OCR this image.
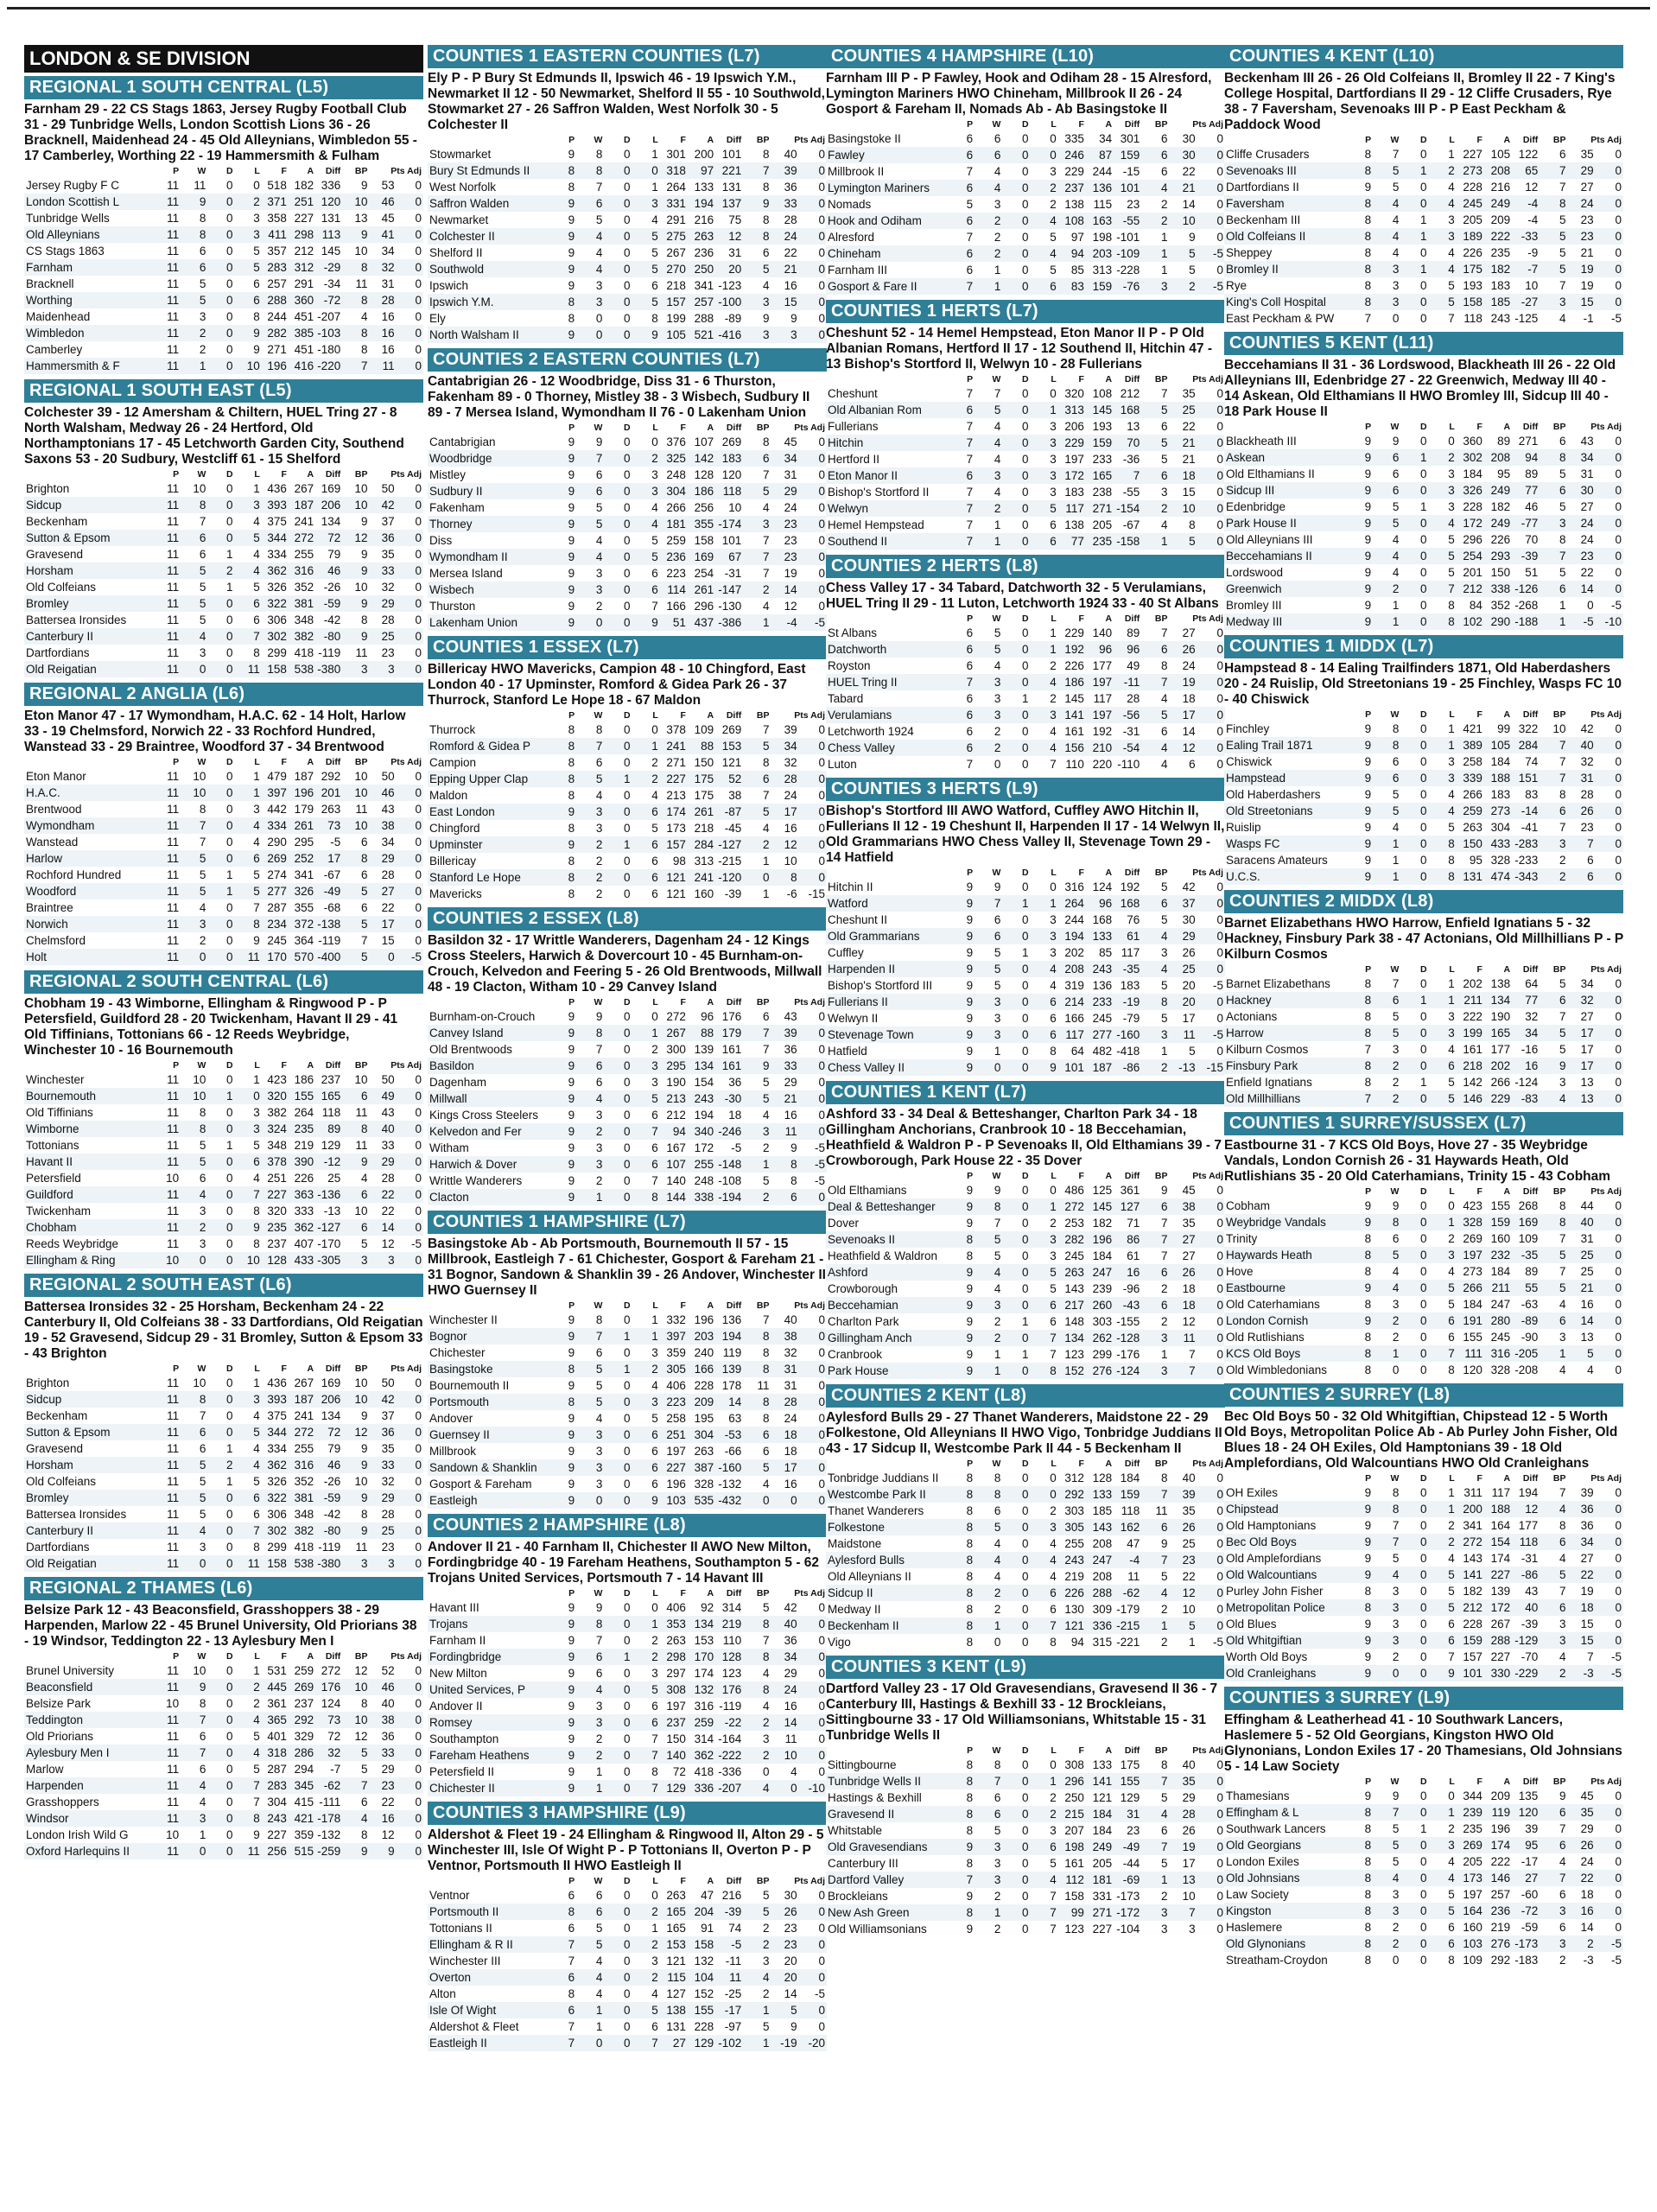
LONDON & SE DIVISION
REGIONAL 1 SOUTH CENTRAL (L5)
Farnham 29 - 22 CS Stags 1863, Jersey Rugby Football Club 31 - 29 Tunbridge Wells, London Scottish Lions 36 - 26 Bracknell, Maidenhead 24 - 45 Old Alleynians, Wimbledon 55 - 17 Camberley, Worthing 22 - 19 Hammersmith & Fulham
	P	W	D	L	F	A	Diff	BP	Pts Adj	
Jersey Rugby F C	11	11	0	0	518	182	336	9	53	0
London Scottish L	11	9	0	2	371	251	120	10	46	0
Tunbridge Wells	11	8	0	3	358	227	131	13	45	0
Old Alleynians	11	8	0	3	411	298	113	9	41	0
CS Stags 1863	11	6	0	5	357	212	145	10	34	0
Farnham	11	6	0	5	283	312	-29	8	32	0
Bracknell	11	5	0	6	257	291	-34	11	31	0
Worthing	11	5	0	6	288	360	-72	8	28	0
Maidenhead	11	3	0	8	244	451	-207	4	16	0
Wimbledon	11	2	0	9	282	385	-103	8	16	0
Camberley	11	2	0	9	271	451	-180	8	16	0
Hammersmith & F	11	1	0	10	196	416	-220	7	11	0
REGIONAL 1 SOUTH EAST (L5)
Colchester 39 - 12 Amersham & Chiltern, HUEL Tring 27 - 8 North Walsham, Medway 26 - 24 Hertford, Old Northamptonians 17 - 45 Letchworth Garden City, Southend Saxons 53 - 20 Sudbury, Westcliff 61 - 15 Shelford
	P	W	D	L	F	A	Diff	BP	Pts Adj	
Brighton	11	10	0	1	436	267	169	10	50	0
Sidcup	11	8	0	3	393	187	206	10	42	0
Beckenham	11	7	0	4	375	241	134	9	37	0
Sutton & Epsom	11	6	0	5	344	272	72	12	36	0
Gravesend	11	6	1	4	334	255	79	9	35	0
Horsham	11	5	2	4	362	316	46	9	33	0
Old Colfeians	11	5	1	5	326	352	-26	10	32	0
Bromley	11	5	0	6	322	381	-59	9	29	0
Battersea Ironsides	11	5	0	6	306	348	-42	8	28	0
Canterbury II	11	4	0	7	302	382	-80	9	25	0
Dartfordians	11	3	0	8	299	418	-119	11	23	0
Old Reigatian	11	0	0	11	158	538	-380	3	3	0
REGIONAL 2 ANGLIA (L6)
Eton Manor 47 - 17 Wymondham, H.A.C. 62 - 14 Holt, Harlow 33 - 19 Chelmsford, Norwich 22 - 33 Rochford Hundred, Wanstead 33 - 29 Braintree, Woodford 37 - 34 Brentwood
	P	W	D	L	F	A	Diff	BP	Pts Adj	
Eton Manor	11	10	0	1	479	187	292	10	50	0
H.A.C.	11	10	0	1	397	196	201	10	46	0
Brentwood	11	8	0	3	442	179	263	11	43	0
Wymondham	11	7	0	4	334	261	73	10	38	0
Wanstead	11	7	0	4	290	295	-5	6	34	0
Harlow	11	5	0	6	269	252	17	8	29	0
Rochford Hundred	11	5	1	5	274	341	-67	6	28	0
Woodford	11	5	1	5	277	326	-49	5	27	0
Braintree	11	4	0	7	287	355	-68	6	22	0
Norwich	11	3	0	8	234	372	-138	5	17	0
Chelmsford	11	2	0	9	245	364	-119	7	15	0
Holt	11	0	0	11	170	570	-400	5	0	-5
REGIONAL 2 SOUTH CENTRAL (L6)
Chobham 19 - 43 Wimborne, Ellingham & Ringwood P - P Petersfield, Guildford 28 - 20 Twickenham, Havant II 29 - 41 Old Tiffinians, Tottonians 66 - 12 Reeds Weybridge, Winchester 10 - 16 Bournemouth
	P	W	D	L	F	A	Diff	BP	Pts Adj	
Winchester	11	10	0	1	423	186	237	10	50	0
Bournemouth	11	10	1	0	320	155	165	6	49	0
Old Tiffinians	11	8	0	3	382	264	118	11	43	0
Wimborne	11	8	0	3	324	235	89	8	40	0
Tottonians	11	5	1	5	348	219	129	11	33	0
Havant II	11	5	0	6	378	390	-12	9	29	0
Petersfield	10	6	0	4	251	226	25	4	28	0
Guildford	11	4	0	7	227	363	-136	6	22	0
Twickenham	11	3	0	8	320	333	-13	10	22	0
Chobham	11	2	0	9	235	362	-127	6	14	0
Reeds Weybridge	11	3	0	8	237	407	-170	5	12	-5
Ellingham & Ring	10	0	0	10	128	433	-305	3	3	0
REGIONAL 2 SOUTH EAST (L6)
Battersea Ironsides 32 - 25 Horsham, Beckenham 24 - 22 Canterbury II, Old Colfeians 38 - 33 Dartfordians, Old Reigatian 19 - 52 Gravesend, Sidcup 29 - 31 Bromley, Sutton & Epsom 33 - 43 Brighton
	P	W	D	L	F	A	Diff	BP	Pts Adj	
Brighton	11	10	0	1	436	267	169	10	50	0
Sidcup	11	8	0	3	393	187	206	10	42	0
Beckenham	11	7	0	4	375	241	134	9	37	0
Sutton & Epsom	11	6	0	5	344	272	72	12	36	0
Gravesend	11	6	1	4	334	255	79	9	35	0
Horsham	11	5	2	4	362	316	46	9	33	0
Old Colfeians	11	5	1	5	326	352	-26	10	32	0
Bromley	11	5	0	6	322	381	-59	9	29	0
Battersea Ironsides	11	5	0	6	306	348	-42	8	28	0
Canterbury II	11	4	0	7	302	382	-80	9	25	0
Dartfordians	11	3	0	8	299	418	-119	11	23	0
Old Reigatian	11	0	0	11	158	538	-380	3	3	0
REGIONAL 2 THAMES (L6)
Belsize Park 12 - 43 Beaconsfield, Grasshoppers 38 - 29 Harpenden, Marlow 22 - 45 Brunel University, Old Priorians 38 - 19 Windsor, Teddington 22 - 13 Aylesbury Men I
	P	W	D	L	F	A	Diff	BP	Pts Adj	
Brunel University	11	10	0	1	531	259	272	12	52	0
Beaconsfield	11	9	0	2	445	269	176	10	46	0
Belsize Park	10	8	0	2	361	237	124	8	40	0
Teddington	11	7	0	4	365	292	73	10	38	0
Old Priorians	11	6	0	5	401	329	72	12	36	0
Aylesbury Men I	11	7	0	4	318	286	32	5	33	0
Marlow	11	6	0	5	287	294	-7	5	29	0
Harpenden	11	4	0	7	283	345	-62	7	23	0
Grasshoppers	11	4	0	7	304	415	-111	6	22	0
Windsor	11	3	0	8	243	421	-178	4	16	0
London Irish Wild G	10	1	0	9	227	359	-132	8	12	0
Oxford Harlequins II	11	0	0	11	256	515	-259	9	9	0
COUNTIES 1 EASTERN COUNTIES (L7)
Ely P - P Bury St Edmunds II, Ipswich 46 - 19 Ipswich Y.M., Newmarket II 12 - 50 Newmarket, Shelford II 55 - 10 Southwold, Stowmarket 27 - 26 Saffron Walden, West Norfolk 30 - 5 Colchester II
	P	W	D	L	F	A	Diff	BP	Pts Adj	
Stowmarket	9	8	0	1	301	200	101	8	40	0
Bury St Edmunds II	8	8	0	0	318	97	221	7	39	0
West Norfolk	8	7	0	1	264	133	131	8	36	0
Saffron Walden	9	6	0	3	331	194	137	9	33	0
Newmarket	9	5	0	4	291	216	75	8	28	0
Colchester II	9	4	0	5	275	263	12	8	24	0
Shelford II	9	4	0	5	267	236	31	6	22	0
Southwold	9	4	0	5	270	250	20	5	21	0
Ipswich	9	3	0	6	218	341	-123	4	16	0
Ipswich Y.M.	8	3	0	5	157	257	-100	3	15	0
Ely	8	0	0	8	199	288	-89	9	9	0
North Walsham II	9	0	0	9	105	521	-416	3	3	0
COUNTIES 2 EASTERN COUNTIES (L7)
Cantabrigian 26 - 12 Woodbridge, Diss 31 - 6 Thurston, Fakenham 89 - 0 Thorney, Mistley 38 - 3 Wisbech, Sudbury II 89 - 7 Mersea Island, Wymondham II 76 - 0 Lakenham Union
	P	W	D	L	F	A	Diff	BP	Pts Adj	
Cantabrigian	9	9	0	0	376	107	269	8	45	0
Woodbridge	9	7	0	2	325	142	183	6	34	0
Mistley	9	6	0	3	248	128	120	7	31	0
Sudbury II	9	6	0	3	304	186	118	5	29	0
Fakenham	9	5	0	4	266	256	10	4	24	0
Thorney	9	5	0	4	181	355	-174	3	23	0
Diss	9	4	0	5	259	158	101	7	23	0
Wymondham II	9	4	0	5	236	169	67	7	23	0
Mersea Island	9	3	0	6	223	254	-31	7	19	0
Wisbech	9	3	0	6	114	261	-147	2	14	0
Thurston	9	2	0	7	166	296	-130	4	12	0
Lakenham Union	9	0	0	9	51	437	-386	1	-4	-5
COUNTIES 1 ESSEX (L7)
Billericay HWO Mavericks, Campion 48 - 10 Chingford, East London 40 - 17 Upminster, Romford & Gidea Park 26 - 37 Thurrock, Stanford Le Hope 18 - 67 Maldon
	P	W	D	L	F	A	Diff	BP	Pts Adj	
Thurrock	8	8	0	0	378	109	269	7	39	0
Romford & Gidea P	8	7	0	1	241	88	153	5	34	0
Campion	8	6	0	2	271	150	121	8	32	0
Epping Upper Clap	8	5	1	2	227	175	52	6	28	0
Maldon	8	4	0	4	213	175	38	7	24	0
East London	9	3	0	6	174	261	-87	5	17	0
Chingford	8	3	0	5	173	218	-45	4	16	0
Upminster	9	2	1	6	157	284	-127	2	12	0
Billericay	8	2	0	6	98	313	-215	1	10	0
Stanford Le Hope	8	2	0	6	121	241	-120	0	8	0
Mavericks	8	2	0	6	121	160	-39	1	-6	-15
COUNTIES 2 ESSEX (L8)
Basildon 32 - 17 Writtle Wanderers, Dagenham 24 - 12 Kings Cross Steelers, Harwich & Dovercourt 10 - 45 Burnham-on-Crouch, Kelvedon and Feering 5 - 26 Old Brentwoods, Millwall 48 - 19 Clacton, Witham 10 - 29 Canvey Island
	P	W	D	L	F	A	Diff	BP	Pts Adj	
Burnham-on-Crouch	9	9	0	0	272	96	176	6	43	0
Canvey Island	9	8	0	1	267	88	179	7	39	0
Old Brentwoods	9	7	0	2	300	139	161	7	36	0
Basildon	9	6	0	3	295	134	161	9	33	0
Dagenham	9	6	0	3	190	154	36	5	29	0
Millwall	9	4	0	5	213	243	-30	5	21	0
Kings Cross Steelers	9	3	0	6	212	194	18	4	16	0
Kelvedon and Fer	9	2	0	7	94	340	-246	3	11	0
Witham	9	3	0	6	167	172	-5	2	9	-5
Harwich & Dover	9	3	0	6	107	255	-148	1	8	-5
Writtle Wanderers	9	2	0	7	140	248	-108	5	8	-5
Clacton	9	1	0	8	144	338	-194	2	6	0
COUNTIES 1 HAMPSHIRE (L7)
Basingstoke Ab - Ab Portsmouth, Bournemouth II 57 - 15 Millbrook, Eastleigh 7 - 61 Chichester, Gosport & Fareham 21 - 31 Bognor, Sandown & Shanklin 39 - 26 Andover, Winchester II HWO Guernsey II
	P	W	D	L	F	A	Diff	BP	Pts Adj	
Winchester II	9	8	0	1	332	196	136	7	40	0
Bognor	9	7	1	1	397	203	194	8	38	0
Chichester	9	6	0	3	359	240	119	8	32	0
Basingstoke	8	5	1	2	305	166	139	8	31	0
Bournemouth II	9	5	0	4	406	228	178	11	31	0
Portsmouth	8	5	0	3	223	209	14	8	28	0
Andover	9	4	0	5	258	195	63	8	24	0
Guernsey II	9	3	0	6	251	304	-53	6	18	0
Millbrook	9	3	0	6	197	263	-66	6	18	0
Sandown & Shanklin	9	3	0	6	227	387	-160	5	17	0
Gosport & Fareham	9	3	0	6	196	328	-132	4	16	0
Eastleigh	9	0	0	9	103	535	-432	0	0	0
COUNTIES 2 HAMPSHIRE (L8)
Andover II 21 - 40 Farnham II, Chichester II AWO New Milton, Fordingbridge 40 - 19 Fareham Heathens, Southampton 5 - 62 Trojans United Services, Portsmouth 7 - 14 Havant III
	P	W	D	L	F	A	Diff	BP	Pts Adj	
Havant III	9	9	0	0	406	92	314	5	42	0
Trojans	9	8	0	1	353	134	219	8	40	0
Farnham II	9	7	0	2	263	153	110	7	36	0
Fordingbridge	9	6	1	2	298	170	128	8	34	0
New Milton	9	6	0	3	297	174	123	4	29	0
United Services, P	9	4	0	5	308	132	176	8	24	0
Andover II	9	3	0	6	197	316	-119	4	16	0
Romsey	9	3	0	6	237	259	-22	2	14	0
Southampton	9	2	0	7	150	314	-164	3	11	0
Fareham Heathens	9	2	0	7	140	362	-222	2	10	0
Petersfield II	9	1	0	8	72	418	-336	0	4	0
Chichester II	9	1	0	7	129	336	-207	4	0	-10
COUNTIES 3 HAMPSHIRE (L9)
Aldershot & Fleet 19 - 24 Ellingham & Ringwood II, Alton 29 - 5 Winchester III, Isle Of Wight P - P Tottonians II, Overton P - P Ventnor, Portsmouth II HWO Eastleigh II
	P	W	D	L	F	A	Diff	BP	Pts Adj	
Ventnor	6	6	0	0	263	47	216	5	30	0
Portsmouth II	8	6	0	2	165	204	-39	5	26	0
Tottonians II	6	5	0	1	165	91	74	2	23	0
Ellingham & R II	7	5	0	2	153	158	-5	2	23	0
Winchester III	7	4	0	3	121	132	-11	3	20	0
Overton	6	4	0	2	115	104	11	4	20	0
Alton	8	4	0	4	127	152	-25	2	14	-5
Isle Of Wight	6	1	0	5	138	155	-17	1	5	0
Aldershot & Fleet	7	1	0	6	131	228	-97	5	9	0
Eastleigh II	7	0	0	7	27	129	-102	1	-19	-20
COUNTIES 4 HAMPSHIRE (L10)
Farnham III P - P Fawley, Hook and Odiham 28 - 15 Alresford, Lymington Mariners HWO Chineham, Millbrook II 26 - 24 Gosport & Fareham II, Nomads Ab - Ab Basingstoke II
	P	W	D	L	F	A	Diff	BP	Pts Adj	
Basingstoke II	6	6	0	0	335	34	301	6	30	0
Fawley	6	6	0	0	246	87	159	6	30	0
Millbrook II	7	4	0	3	229	244	-15	6	22	0
Lymington Mariners	6	4	0	2	237	136	101	4	21	0
Nomads	5	3	0	2	138	115	23	2	14	0
Hook and Odiham	6	2	0	4	108	163	-55	2	10	0
Alresford	7	2	0	5	97	198	-101	1	9	0
Chineham	6	2	0	4	94	203	-109	1	5	-5
Farnham III	6	1	0	5	85	313	-228	1	5	0
Gosport & Fare II	7	1	0	6	83	159	-76	3	2	-5
COUNTIES 1 HERTS (L7)
Cheshunt 52 - 14 Hemel Hempstead, Eton Manor II P - P Old Albanian Romans, Hertford II 17 - 12 Southend II, Hitchin 47 - 13 Bishop's Stortford II, Welwyn 10 - 28 Fullerians
	P	W	D	L	F	A	Diff	BP	Pts Adj	
Cheshunt	7	7	0	0	320	108	212	7	35	0
Old Albanian Rom	6	5	0	1	313	145	168	5	25	0
Fullerians	7	4	0	3	206	193	13	6	22	0
Hitchin	7	4	0	3	229	159	70	5	21	0
Hertford II	7	4	0	3	197	233	-36	5	21	0
Eton Manor II	6	3	0	3	172	165	7	6	18	0
Bishop's Stortford II	7	4	0	3	183	238	-55	3	15	0
Welwyn	7	2	0	5	117	271	-154	2	10	0
Hemel Hempstead	7	1	0	6	138	205	-67	4	8	0
Southend II	7	1	0	6	77	235	-158	1	5	0
COUNTIES 2 HERTS (L8)
Chess Valley 17 - 34 Tabard, Datchworth 32 - 5 Verulamians, HUEL Tring II 29 - 11 Luton, Letchworth 1924 33 - 40 St Albans
	P	W	D	L	F	A	Diff	BP	Pts Adj	
St Albans	6	5	0	1	229	140	89	7	27	0
Datchworth	6	5	0	1	192	96	96	6	26	0
Royston	6	4	0	2	226	177	49	8	24	0
HUEL Tring II	7	3	0	4	186	197	-11	7	19	0
Tabard	6	3	1	2	145	117	28	4	18	0
Verulamians	6	3	0	3	141	197	-56	5	17	0
Letchworth 1924	6	2	0	4	161	192	-31	6	14	0
Chess Valley	6	2	0	4	156	210	-54	4	12	0
Luton	7	0	0	7	110	220	-110	4	6	0
COUNTIES 3 HERTS (L9)
Bishop's Stortford III AWO Watford, Cuffley AWO Hitchin II, Fullerians II 12 - 19 Cheshunt II, Harpenden II 17 - 14 Welwyn II, Old Grammarians HWO Chess Valley II, Stevenage Town 29 - 14 Hatfield
	P	W	D	L	F	A	Diff	BP	Pts Adj	
Hitchin II	9	9	0	0	316	124	192	5	42	0
Watford	9	7	1	1	264	96	168	6	37	0
Cheshunt II	9	6	0	3	244	168	76	5	30	0
Old Grammarians	9	6	0	3	194	133	61	4	29	0
Cuffley	9	5	1	3	202	85	117	3	26	0
Harpenden II	9	5	0	4	208	243	-35	4	25	0
Bishop's Stortford III	9	5	0	4	319	136	183	5	20	-5
Fullerians II	9	3	0	6	214	233	-19	8	20	0
Welwyn II	9	3	0	6	166	245	-79	5	17	0
Stevenage Town	9	3	0	6	117	277	-160	3	11	-5
Hatfield	9	1	0	8	64	482	-418	1	5	0
Chess Valley II	9	0	0	9	101	187	-86	2	-13	-15
COUNTIES 1 KENT (L7)
Ashford 33 - 34 Deal & Betteshanger, Charlton Park 34 - 18 Gillingham Anchorians, Cranbrook 10 - 18 Beccehamian, Heathfield & Waldron P - P Sevenoaks II, Old Elthamians 39 - 7 Crowborough, Park House 22 - 35 Dover
	P	W	D	L	F	A	Diff	BP	Pts Adj	
Old Elthamians	9	9	0	0	486	125	361	9	45	0
Deal & Betteshanger	9	8	0	1	272	145	127	6	38	0
Dover	9	7	0	2	253	182	71	7	35	0
Sevenoaks II	8	5	0	3	282	196	86	7	27	0
Heathfield & Waldron	8	5	0	3	245	184	61	7	27	0
Ashford	9	4	0	5	263	247	16	6	26	0
Crowborough	9	4	0	5	143	239	-96	2	18	0
Beccehamian	9	3	0	6	217	260	-43	6	18	0
Charlton Park	9	2	1	6	148	303	-155	2	12	0
Gillingham Anch	9	2	0	7	134	262	-128	3	11	0
Cranbrook	9	1	1	7	123	299	-176	1	7	0
Park House	9	1	0	8	152	276	-124	3	7	0
COUNTIES 2 KENT (L8)
Aylesford Bulls 29 - 27 Thanet Wanderers, Maidstone 22 - 29 Folkestone, Old Alleynians II HWO Vigo, Tonbridge Juddians II 43 - 17 Sidcup II, Westcombe Park II 44 - 5 Beckenham II
	P	W	D	L	F	A	Diff	BP	Pts Adj	
Tonbridge Juddians II	8	8	0	0	312	128	184	8	40	0
Westcombe Park II	8	8	0	0	292	133	159	7	39	0
Thanet Wanderers	8	6	0	2	303	185	118	11	35	0
Folkestone	8	5	0	3	305	143	162	6	26	0
Maidstone	8	4	0	4	255	208	47	9	25	0
Aylesford Bulls	8	4	0	4	243	247	-4	7	23	0
Old Alleynians II	8	4	0	4	219	208	11	5	22	0
Sidcup II	8	2	0	6	226	288	-62	4	12	0
Medway II	8	2	0	6	130	309	-179	2	10	0
Beckenham II	8	1	0	7	121	336	-215	1	5	0
Vigo	8	0	0	8	94	315	-221	2	1	-5
COUNTIES 3 KENT (L9)
Dartford Valley 23 - 17 Old Gravesendians, Gravesend II 36 - 7 Canterbury III, Hastings & Bexhill 33 - 12 Brockleians, Sittingbourne 33 - 17 Old Williamsonians, Whitstable 15 - 31 Tunbridge Wells II
	P	W	D	L	F	A	Diff	BP	Pts Adj	
Sittingbourne	8	8	0	0	308	133	175	8	40	0
Tunbridge Wells II	8	7	0	1	296	141	155	7	35	0
Hastings & Bexhill	8	6	0	2	250	121	129	5	29	0
Gravesend II	8	6	0	2	215	184	31	4	28	0
Whitstable	8	5	0	3	207	184	23	6	26	0
Old Gravesendians	9	3	0	6	198	249	-49	7	19	0
Canterbury III	8	3	0	5	161	205	-44	5	17	0
Dartford Valley	7	3	0	4	112	181	-69	1	13	0
Brockleians	9	2	0	7	158	331	-173	2	10	0
New Ash Green	8	1	0	7	99	271	-172	3	7	0
Old Williamsonians	9	2	0	7	123	227	-104	3	3	0
COUNTIES 4 KENT (L10)
Beckenham III 26 - 26 Old Colfeians II, Bromley II 22 - 7 King's College Hospital, Dartfordians II 29 - 12 Cliffe Crusaders, Rye 38 - 7 Faversham, Sevenoaks III P - P East Peckham & Paddock Wood
	P	W	D	L	F	A	Diff	BP	Pts Adj	
Cliffe Crusaders	8	7	0	1	227	105	122	6	35	0
Sevenoaks III	8	5	1	2	273	208	65	7	29	0
Dartfordians II	9	5	0	4	228	216	12	7	27	0
Faversham	8	4	0	4	245	249	-4	8	24	0
Beckenham III	8	4	1	3	205	209	-4	5	23	0
Old Colfeians II	8	4	1	3	189	222	-33	5	23	0
Sheppey	8	4	0	4	226	235	-9	5	21	0
Bromley II	8	3	1	4	175	182	-7	5	19	0
Rye	8	3	0	5	193	183	10	7	19	0
King's Coll Hospital	8	3	0	5	158	185	-27	3	15	0
East Peckham & PW	7	0	0	7	118	243	-125	4	-1	-5
COUNTIES 5 KENT (L11)
Beccehamians II 31 - 36 Lordswood, Blackheath III 26 - 22 Old Alleynians III, Edenbridge 27 - 22 Greenwich, Medway III 40 - 14 Askean, Old Elthamians II HWO Bromley III, Sidcup III 40 - 18 Park House II
	P	W	D	L	F	A	Diff	BP	Pts Adj	
Blackheath III	9	9	0	0	360	89	271	6	43	0
Askean	9	6	1	2	302	208	94	8	34	0
Old Elthamians II	9	6	0	3	184	95	89	5	31	0
Sidcup III	9	6	0	3	326	249	77	6	30	0
Edenbridge	9	5	1	3	228	182	46	5	27	0
Park House II	9	5	0	4	172	249	-77	3	24	0
Old Alleynians III	9	4	0	5	296	226	70	8	24	0
Beccehamians II	9	4	0	5	254	293	-39	7	23	0
Lordswood	9	4	0	5	201	150	51	5	22	0
Greenwich	9	2	0	7	212	338	-126	6	14	0
Bromley III	9	1	0	8	84	352	-268	1	0	-5
Medway III	9	1	0	8	102	290	-188	1	-5	-10
COUNTIES 1 MIDDX (L7)
Hampstead 8 - 14 Ealing Trailfinders 1871, Old Haberdashers 20 - 24 Ruislip, Old Streetonians 19 - 25 Finchley, Wasps FC 10 - 40 Chiswick
	P	W	D	L	F	A	Diff	BP	Pts Adj	
Finchley	9	8	0	1	421	99	322	10	42	0
Ealing Trail 1871	9	8	0	1	389	105	284	7	40	0
Chiswick	9	6	0	3	258	184	74	7	32	0
Hampstead	9	6	0	3	339	188	151	7	31	0
Old Haberdashers	9	5	0	4	266	183	83	8	28	0
Old Streetonians	9	5	0	4	259	273	-14	6	26	0
Ruislip	9	4	0	5	263	304	-41	7	23	0
Wasps FC	9	1	0	8	150	433	-283	3	7	0
Saracens Amateurs	9	1	0	8	95	328	-233	2	6	0
U.C.S.	9	1	0	8	131	474	-343	2	6	0
COUNTIES 2 MIDDX (L8)
Barnet Elizabethans HWO Harrow, Enfield Ignatians 5 - 32 Hackney, Finsbury Park 38 - 47 Actonians, Old Millhillians P - P Kilburn Cosmos
	P	W	D	L	F	A	Diff	BP	Pts Adj	
Barnet Elizabethans	8	7	0	1	202	138	64	5	34	0
Hackney	8	6	1	1	211	134	77	6	32	0
Actonians	8	5	0	3	222	190	32	7	27	0
Harrow	8	5	0	3	199	165	34	5	17	0
Kilburn Cosmos	7	3	0	4	161	177	-16	5	17	0
Finsbury Park	8	2	0	6	218	202	16	9	17	0
Enfield Ignatians	8	2	1	5	142	266	-124	3	13	0
Old Millhillians	7	2	0	5	146	229	-83	4	13	0
COUNTIES 1 SURREY/SUSSEX (L7)
Eastbourne 31 - 7 KCS Old Boys, Hove 27 - 35 Weybridge Vandals, London Cornish 26 - 31 Haywards Heath, Old Rutlishians 35 - 20 Old Caterhamians, Trinity 15 - 43 Cobham
	P	W	D	L	F	A	Diff	BP	Pts Adj	
Cobham	9	9	0	0	423	155	268	8	44	0
Weybridge Vandals	9	8	0	1	328	159	169	8	40	0
Trinity	8	6	0	2	269	160	109	7	31	0
Haywards Heath	8	5	0	3	197	232	-35	5	25	0
Hove	8	4	0	4	273	184	89	7	25	0
Eastbourne	9	4	0	5	266	211	55	5	21	0
Old Caterhamians	8	3	0	5	184	247	-63	4	16	0
London Cornish	9	2	0	6	191	280	-89	6	14	0
Old Rutlishians	8	2	0	6	155	245	-90	3	13	0
KCS Old Boys	8	1	0	7	111	316	-205	1	5	0
Old Wimbledonians	8	0	0	8	120	328	-208	4	4	0
COUNTIES 2 SURREY (L8)
Bec Old Boys 50 - 32 Old Whitgiftian, Chipstead 12 - 5 Worth Old Boys, Metropolitan Police Ab - Ab Purley John Fisher, Old Blues 18 - 24 OH Exiles, Old Hamptonians 39 - 18 Old Amplefordians, Old Walcountians HWO Old Cranleighans
	P	W	D	L	F	A	Diff	BP	Pts Adj	
OH Exiles	9	8	0	1	311	117	194	7	39	0
Chipstead	9	8	0	1	200	188	12	4	36	0
Old Hamptonians	9	7	0	2	341	164	177	8	36	0
Bec Old Boys	9	7	0	2	272	154	118	6	34	0
Old Amplefordians	9	5	0	4	143	174	-31	4	27	0
Old Walcountians	9	4	0	5	141	227	-86	5	22	0
Purley John Fisher	8	3	0	5	182	139	43	7	19	0
Metropolitan Police	8	3	0	5	212	172	40	6	18	0
Old Blues	9	3	0	6	228	267	-39	3	15	0
Old Whitgiftian	9	3	0	6	159	288	-129	3	15	0
Worth Old Boys	9	2	0	7	157	227	-70	4	7	-5
Old Cranleighans	9	0	0	9	101	330	-229	2	-3	-5
COUNTIES 3 SURREY (L9)
Effingham & Leatherhead 41 - 10 Southwark Lancers, Haslemere 5 - 52 Old Georgians, Kingston HWO Old Glynonians, London Exiles 17 - 20 Thamesians, Old Johnsians 5 - 14 Law Society
	P	W	D	L	F	A	Diff	BP	Pts Adj	
Thamesians	9	9	0	0	344	209	135	9	45	0
Effingham & L	8	7	0	1	239	119	120	6	35	0
Southwark Lancers	8	5	1	2	235	196	39	7	29	0
Old Georgians	8	5	0	3	269	174	95	6	26	0
London Exiles	8	5	0	4	205	222	-17	4	24	0
Old Johnsians	8	4	0	4	173	146	27	7	22	0
Law Society	8	3	0	5	197	257	-60	6	18	0
Kingston	8	3	0	5	164	236	-72	3	16	0
Haslemere	8	2	0	6	160	219	-59	6	14	0
Old Glynonians	8	2	0	6	103	276	-173	3	2	-5
Streatham-Croydon	8	0	0	8	109	292	-183	2	-3	-5
